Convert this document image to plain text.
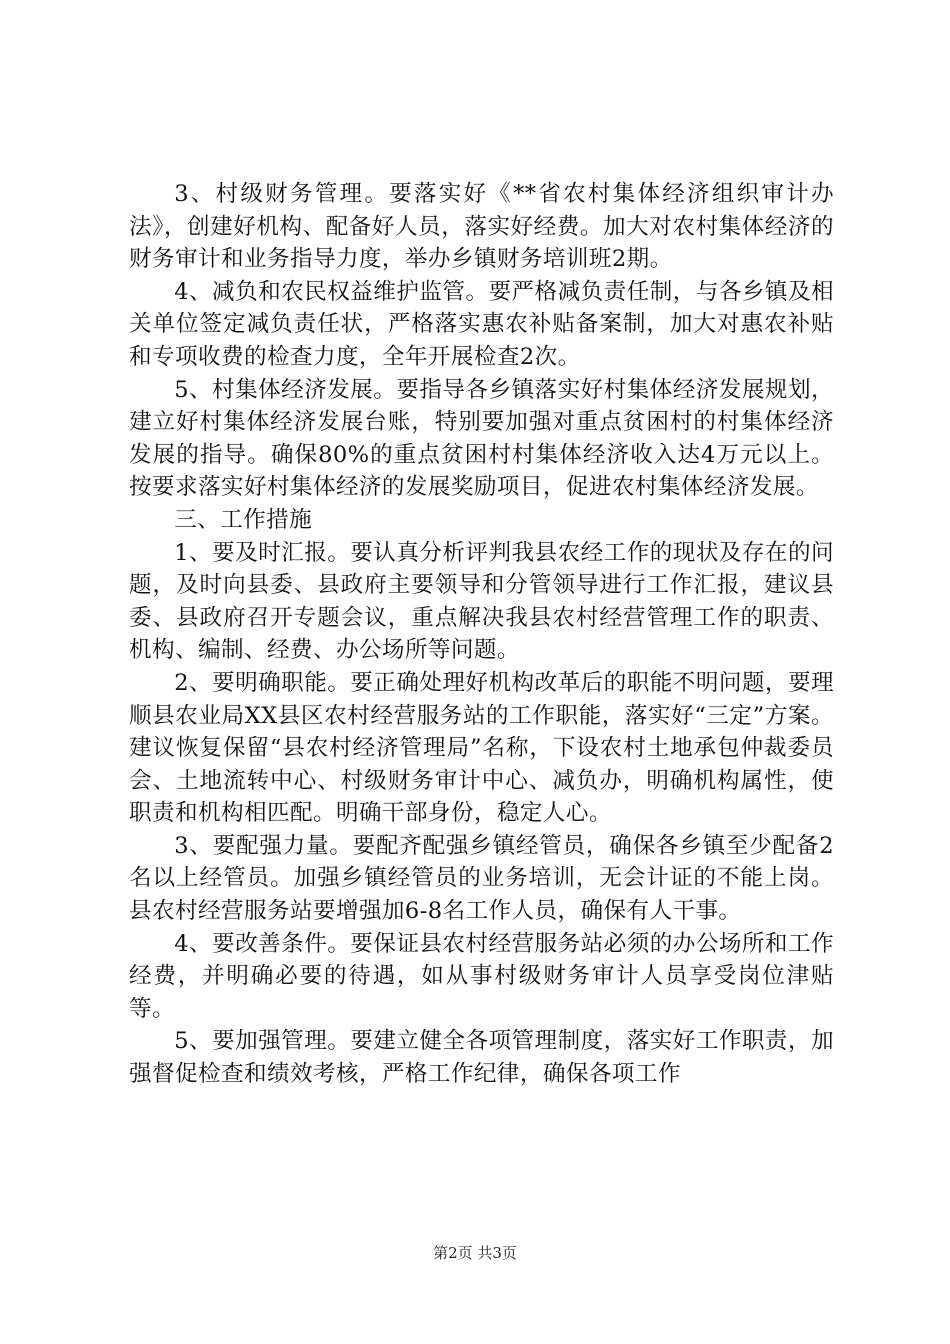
3、村级财务管理。要落实好《**省农村集体经济组织审计办法》，创建好机构、配备好人员，落实好经费。加大对农村集体经济的财务审计和业务指导力度，举办乡镇财务培训班2期。

4、减负和农民权益维护监管。要严格减负责任制，与各乡镇及相关单位签定减负责任状，严格落实惠农补贴备案制，加大对惠农补贴和专项收费的检查力度，全年开展检查2次。

5、村集体经济发展。要指导各乡镇落实好村集体经济发展规划，建立好村集体经济发展台账，特别要加强对重点贫困村的村集体经济发展的指导。确保80%的重点贫困村村集体经济收入达4万元以上。按要求落实好村集体经济的发展奖励项目，促进农村集体经济发展。

三、工作措施

1、要及时汇报。要认真分析评判我县农经工作的现状及存在的问题，及时向县委、县政府主要领导和分管领导进行工作汇报，建议县委、县政府召开专题会议，重点解决我县农村经营管理工作的职责、机构、编制、经费、办公场所等问题。

2、要明确职能。要正确处理好机构改革后的职能不明问题，要理顺县农业局XX县区农村经营服务站的工作职能，落实好“三定”方案。建议恢复保留“县农村经济管理局”名称，下设农村土地承包仲裁委员会、土地流转中心、村级财务审计中心、减负办，明确机构属性，使职责和机构相匹配。明确干部身份，稳定人心。

3、要配强力量。要配齐配强乡镇经管员，确保各乡镇至少配备2名以上经管员。加强乡镇经管员的业务培训，无会计证的不能上岗。县农村经营服务站要增强加6-8名工作人员，确保有人干事。

4、要改善条件。要保证县农村经营服务站必须的办公场所和工作经费，并明确必要的待遇，如从事村级财务审计人员享受岗位津贴等。

5、要加强管理。要建立健全各项管理制度，落实好工作职责，加强督促检查和绩效考核，严格工作纪律，确保各项工作

第2页 共3页
